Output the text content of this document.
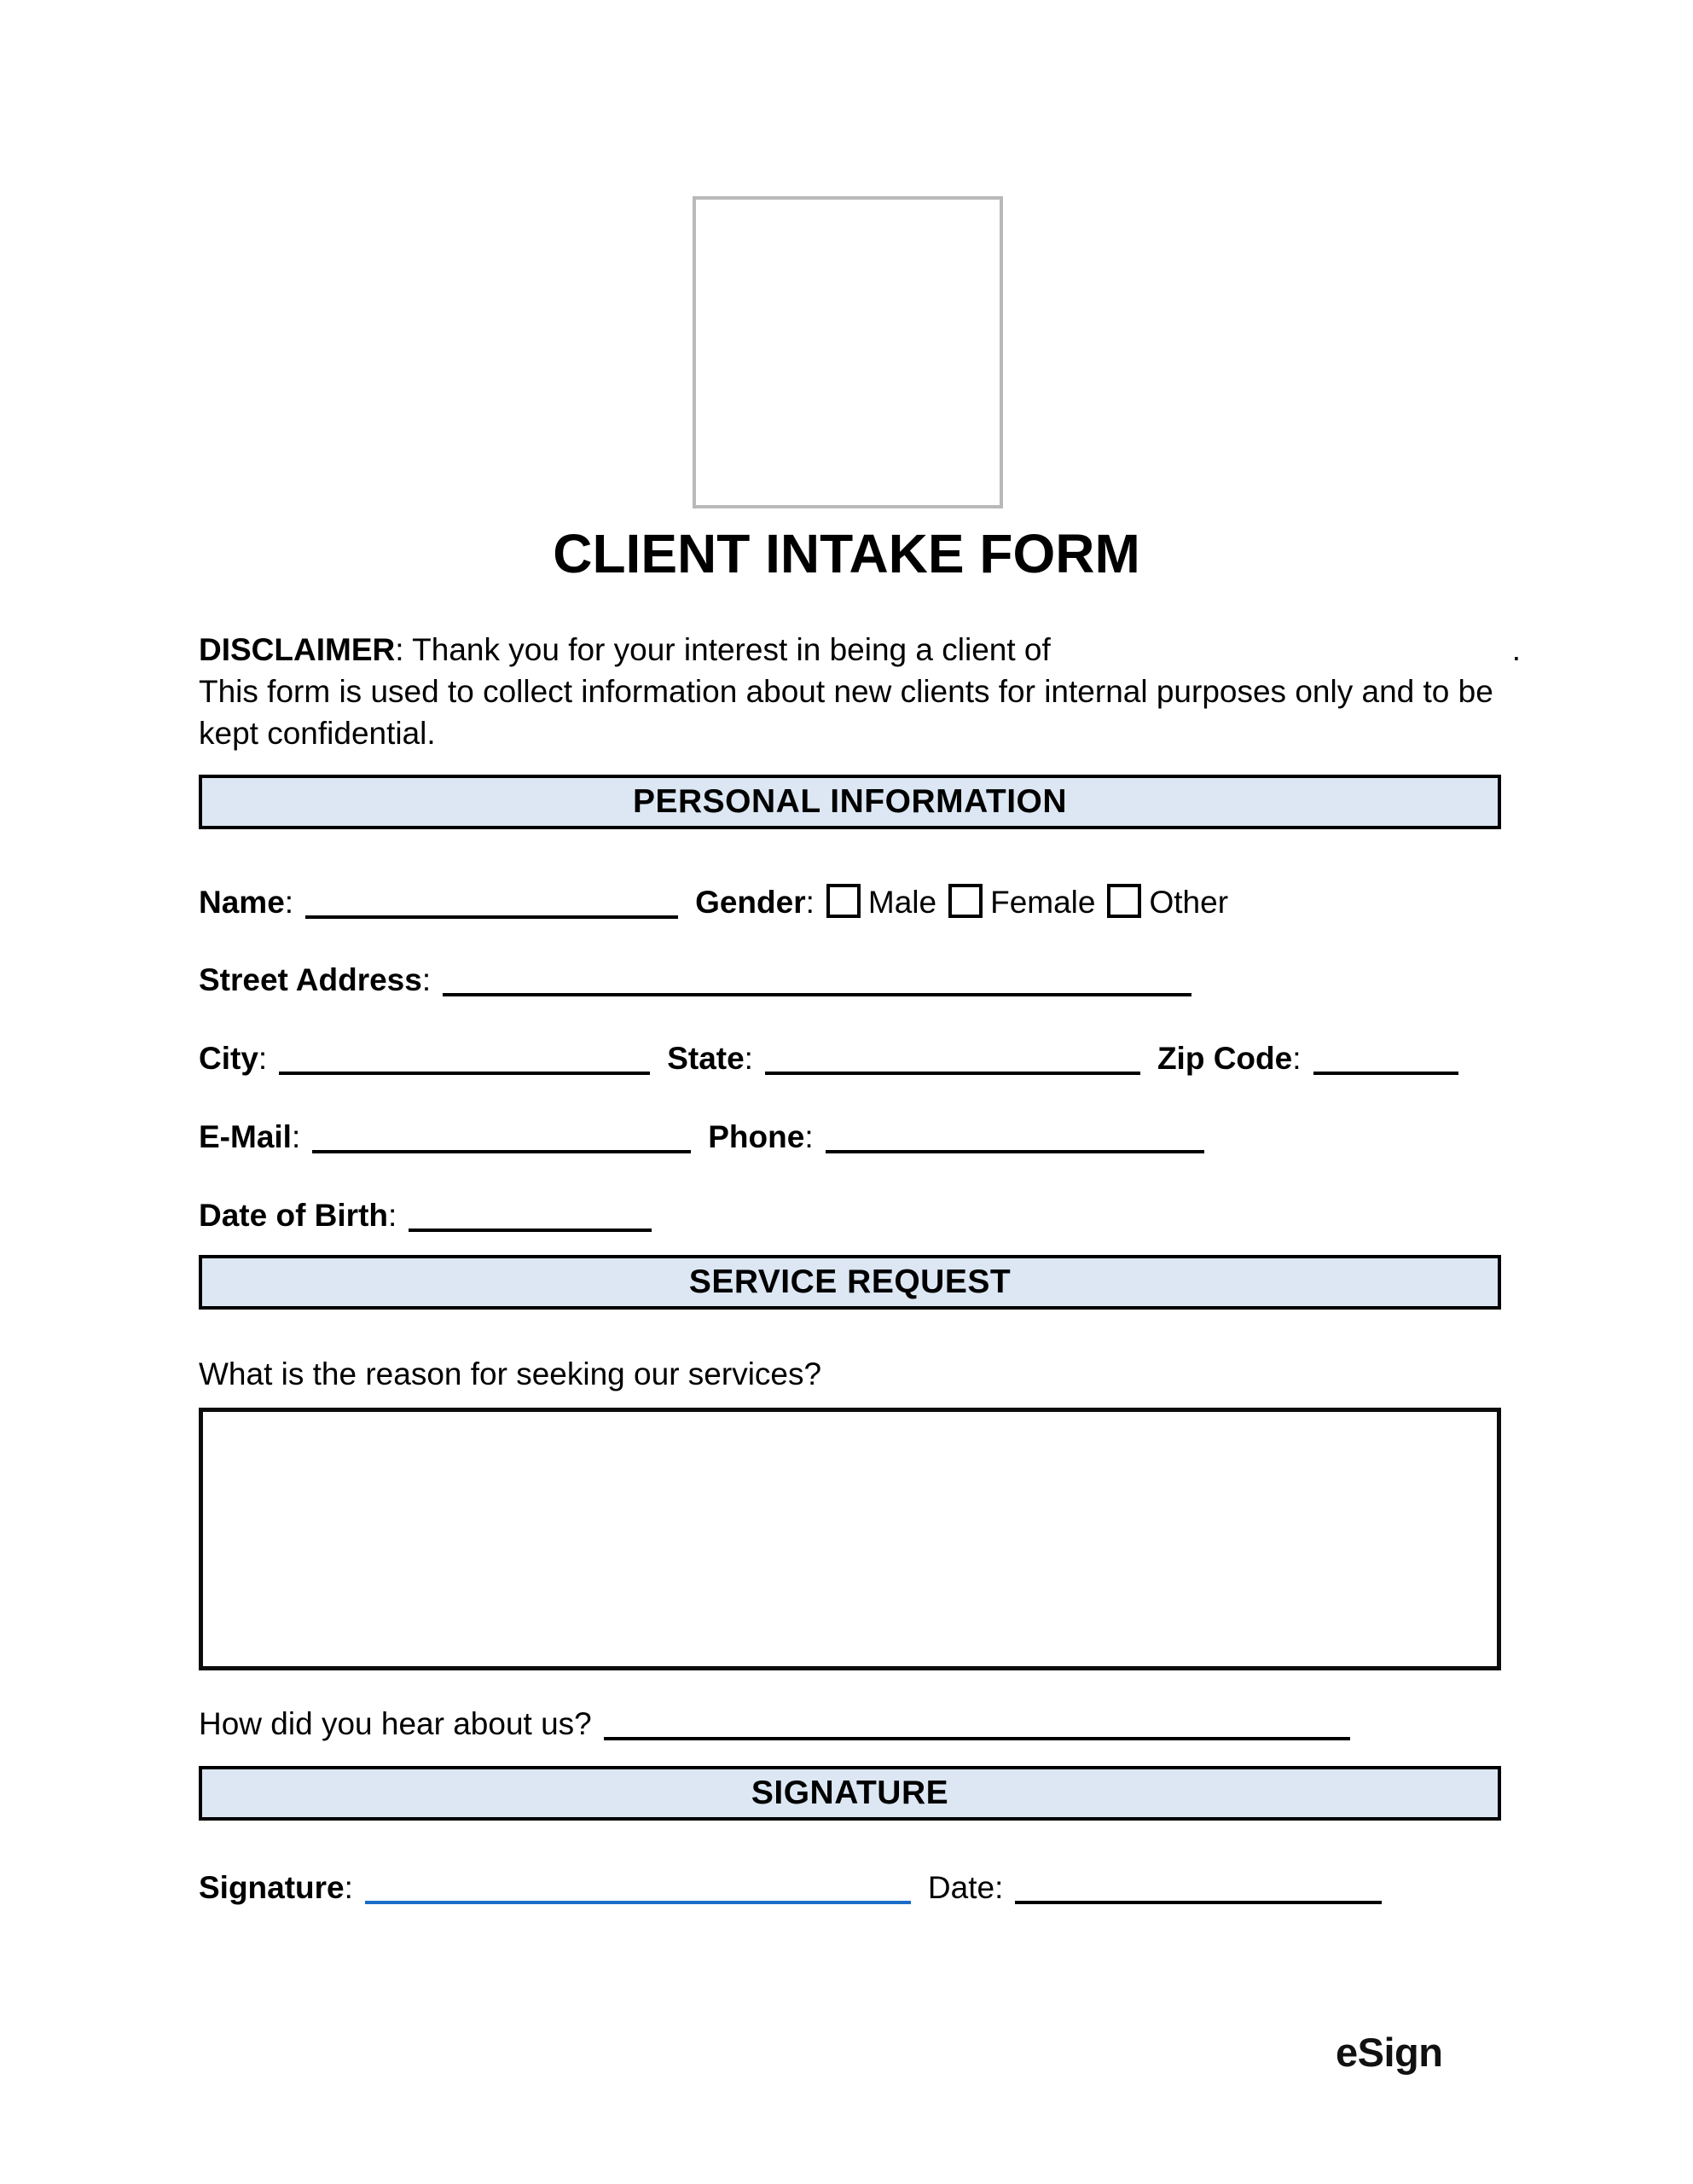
CLIENT INTAKE FORM
DISCLAIMER: Thank you for your interest in being a client of	.
This form is used to collect information about new clients for internal purposes only and to be kept confidential.
PERSONAL INFORMATION
Name:	Gender: Male Female Other
Street Address:
City:	State:	Zip Code:
E-Mail:	Phone:
Date of Birth:
SERVICE REQUEST
What is the reason for seeking our services?
How did you hear about us?
SIGNATURE
Signature:	Date:
eSign
